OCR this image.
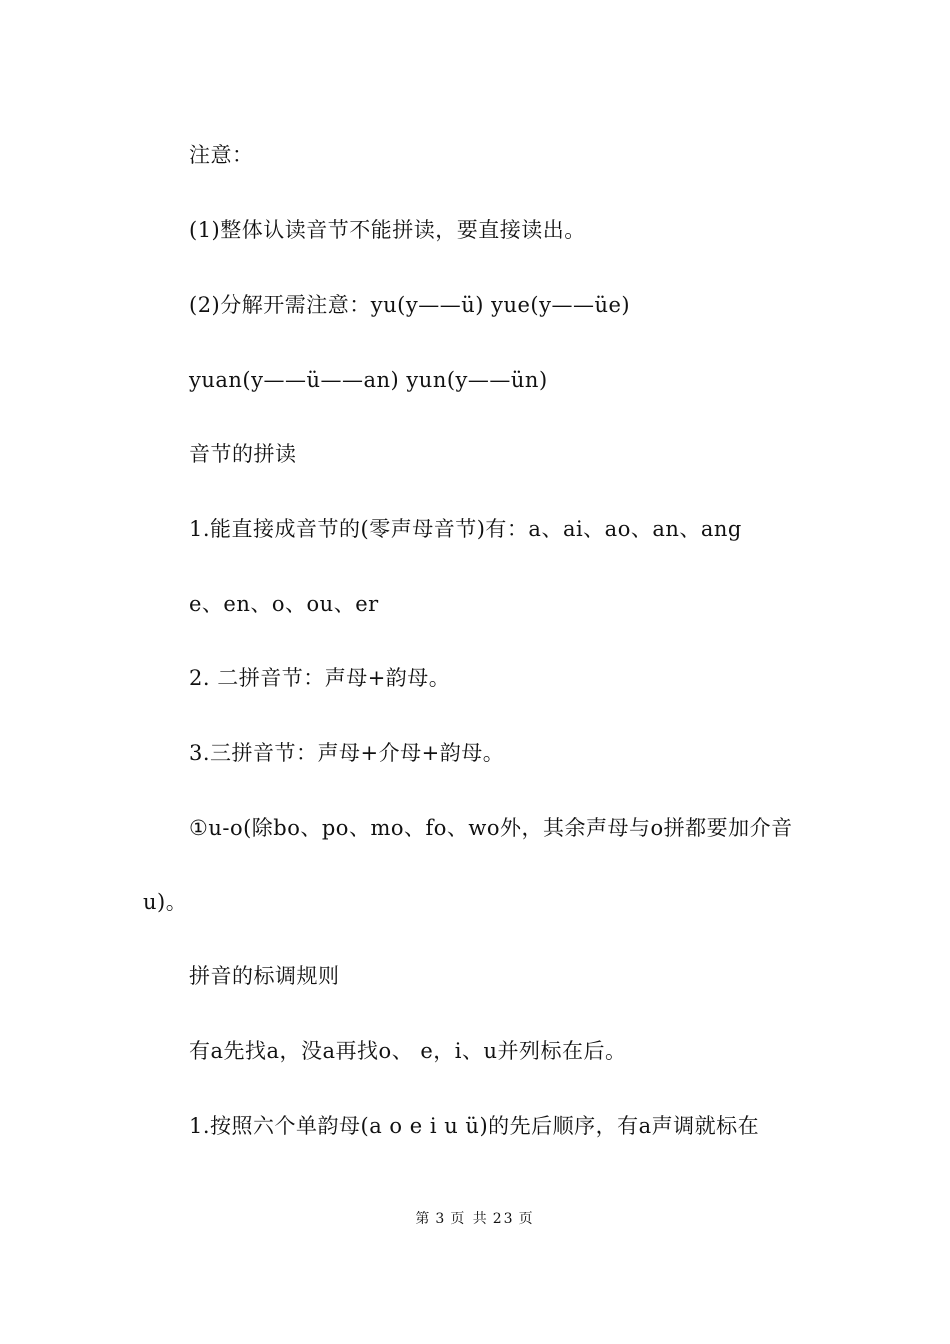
注意：
(1)整体认读音节不能拼读，要直接读出。
(2)分解开需注意：yu(y——ü) yue(y——üe)
yuan(y——ü——an) yun(y——ün)
音节的拼读
1.能直接成音节的(零声母音节)有：a、ai、ao、an、ang
e、en、o、ou、er
2. 二拼音节：声母+韵母。
3.三拼音节：声母+介母+韵母。
①u-o(除bo、po、mo、fo、wo外，其余声母与o拼都要加介音
u)。
拼音的标调规则
有a先找a，没a再找o、 e，i、u并列标在后。
1.按照六个单韵母(a o e i u ü)的先后顺序，有a声调就标在
第 3 页 共 23 页
